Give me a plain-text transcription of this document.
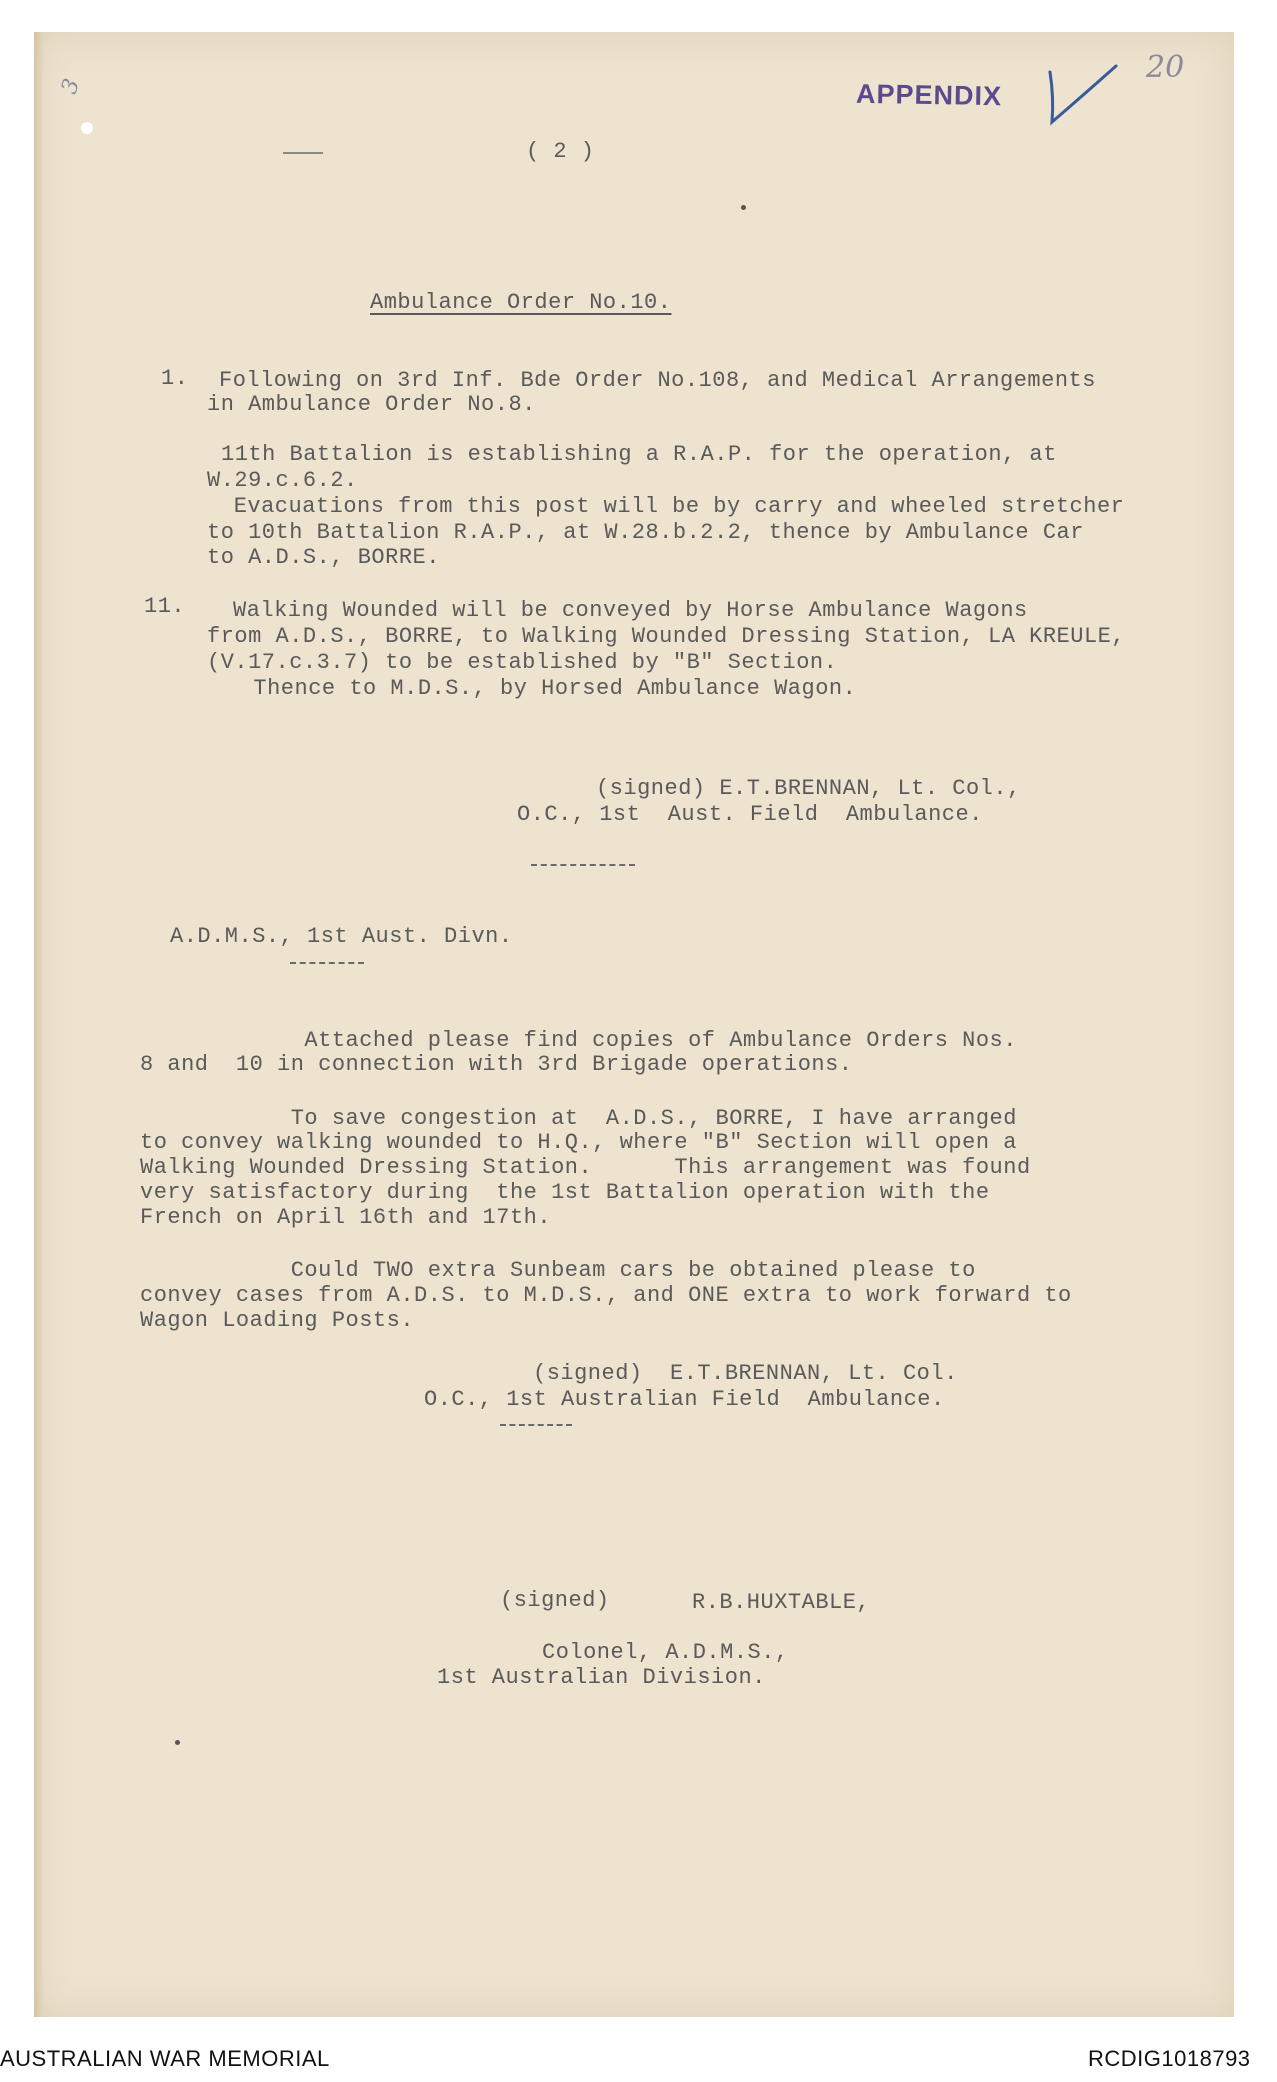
3	APPENDIX
20
( 2 )
Ambulance Order No.10.
1. Following on 3rd Inf. Bde Order No.108, and Medical Arrangements
in Ambulance Order No.8.
11th Battalion is establishing a R.A.P. for the operation, at
W.29.c.6.2.
Evacuations from this post will be by carry and wheeled stretcher
to 10th Battalion R.A.P., at W.28.b.2.2, thence by Ambulance Car
to A.D.S., BORRE.
11. Walking Wounded will be conveyed by Horse Ambulance Wagons
from A.D.S., BORRE, to Walking Wounded Dressing Station, LA KREULE,
(V.17.c.3.7) to be established by "B" Section.
Thence to M.D.S., by Horsed Ambulance Wagon.
(signed) E.T.BRENNAN, Lt. Col.,
O.C., 1st  Aust. Field  Ambulance.
A.D.M.S., 1st Aust. Divn.
Attached please find copies of Ambulance Orders Nos.
8 and  10 in connection with 3rd Brigade operations.
To save congestion at  A.D.S., BORRE, I have arranged
to convey walking wounded to H.Q., where "B" Section will open a
Walking Wounded Dressing Station.      This arrangement was found
very satisfactory during  the 1st Battalion operation with the
French on April 16th and 17th.
Could TWO extra Sunbeam cars be obtained please to
convey cases from A.D.S. to M.D.S., and ONE extra to work forward to
Wagon Loading Posts.
(signed)  E.T.BRENNAN, Lt. Col.
O.C., 1st Australian Field  Ambulance.
(signed)	R.B.HUXTABLE,
Colonel, A.D.M.S.,
1st Australian Division.
AUSTRALIAN WAR MEMORIAL	RCDIG1018793
